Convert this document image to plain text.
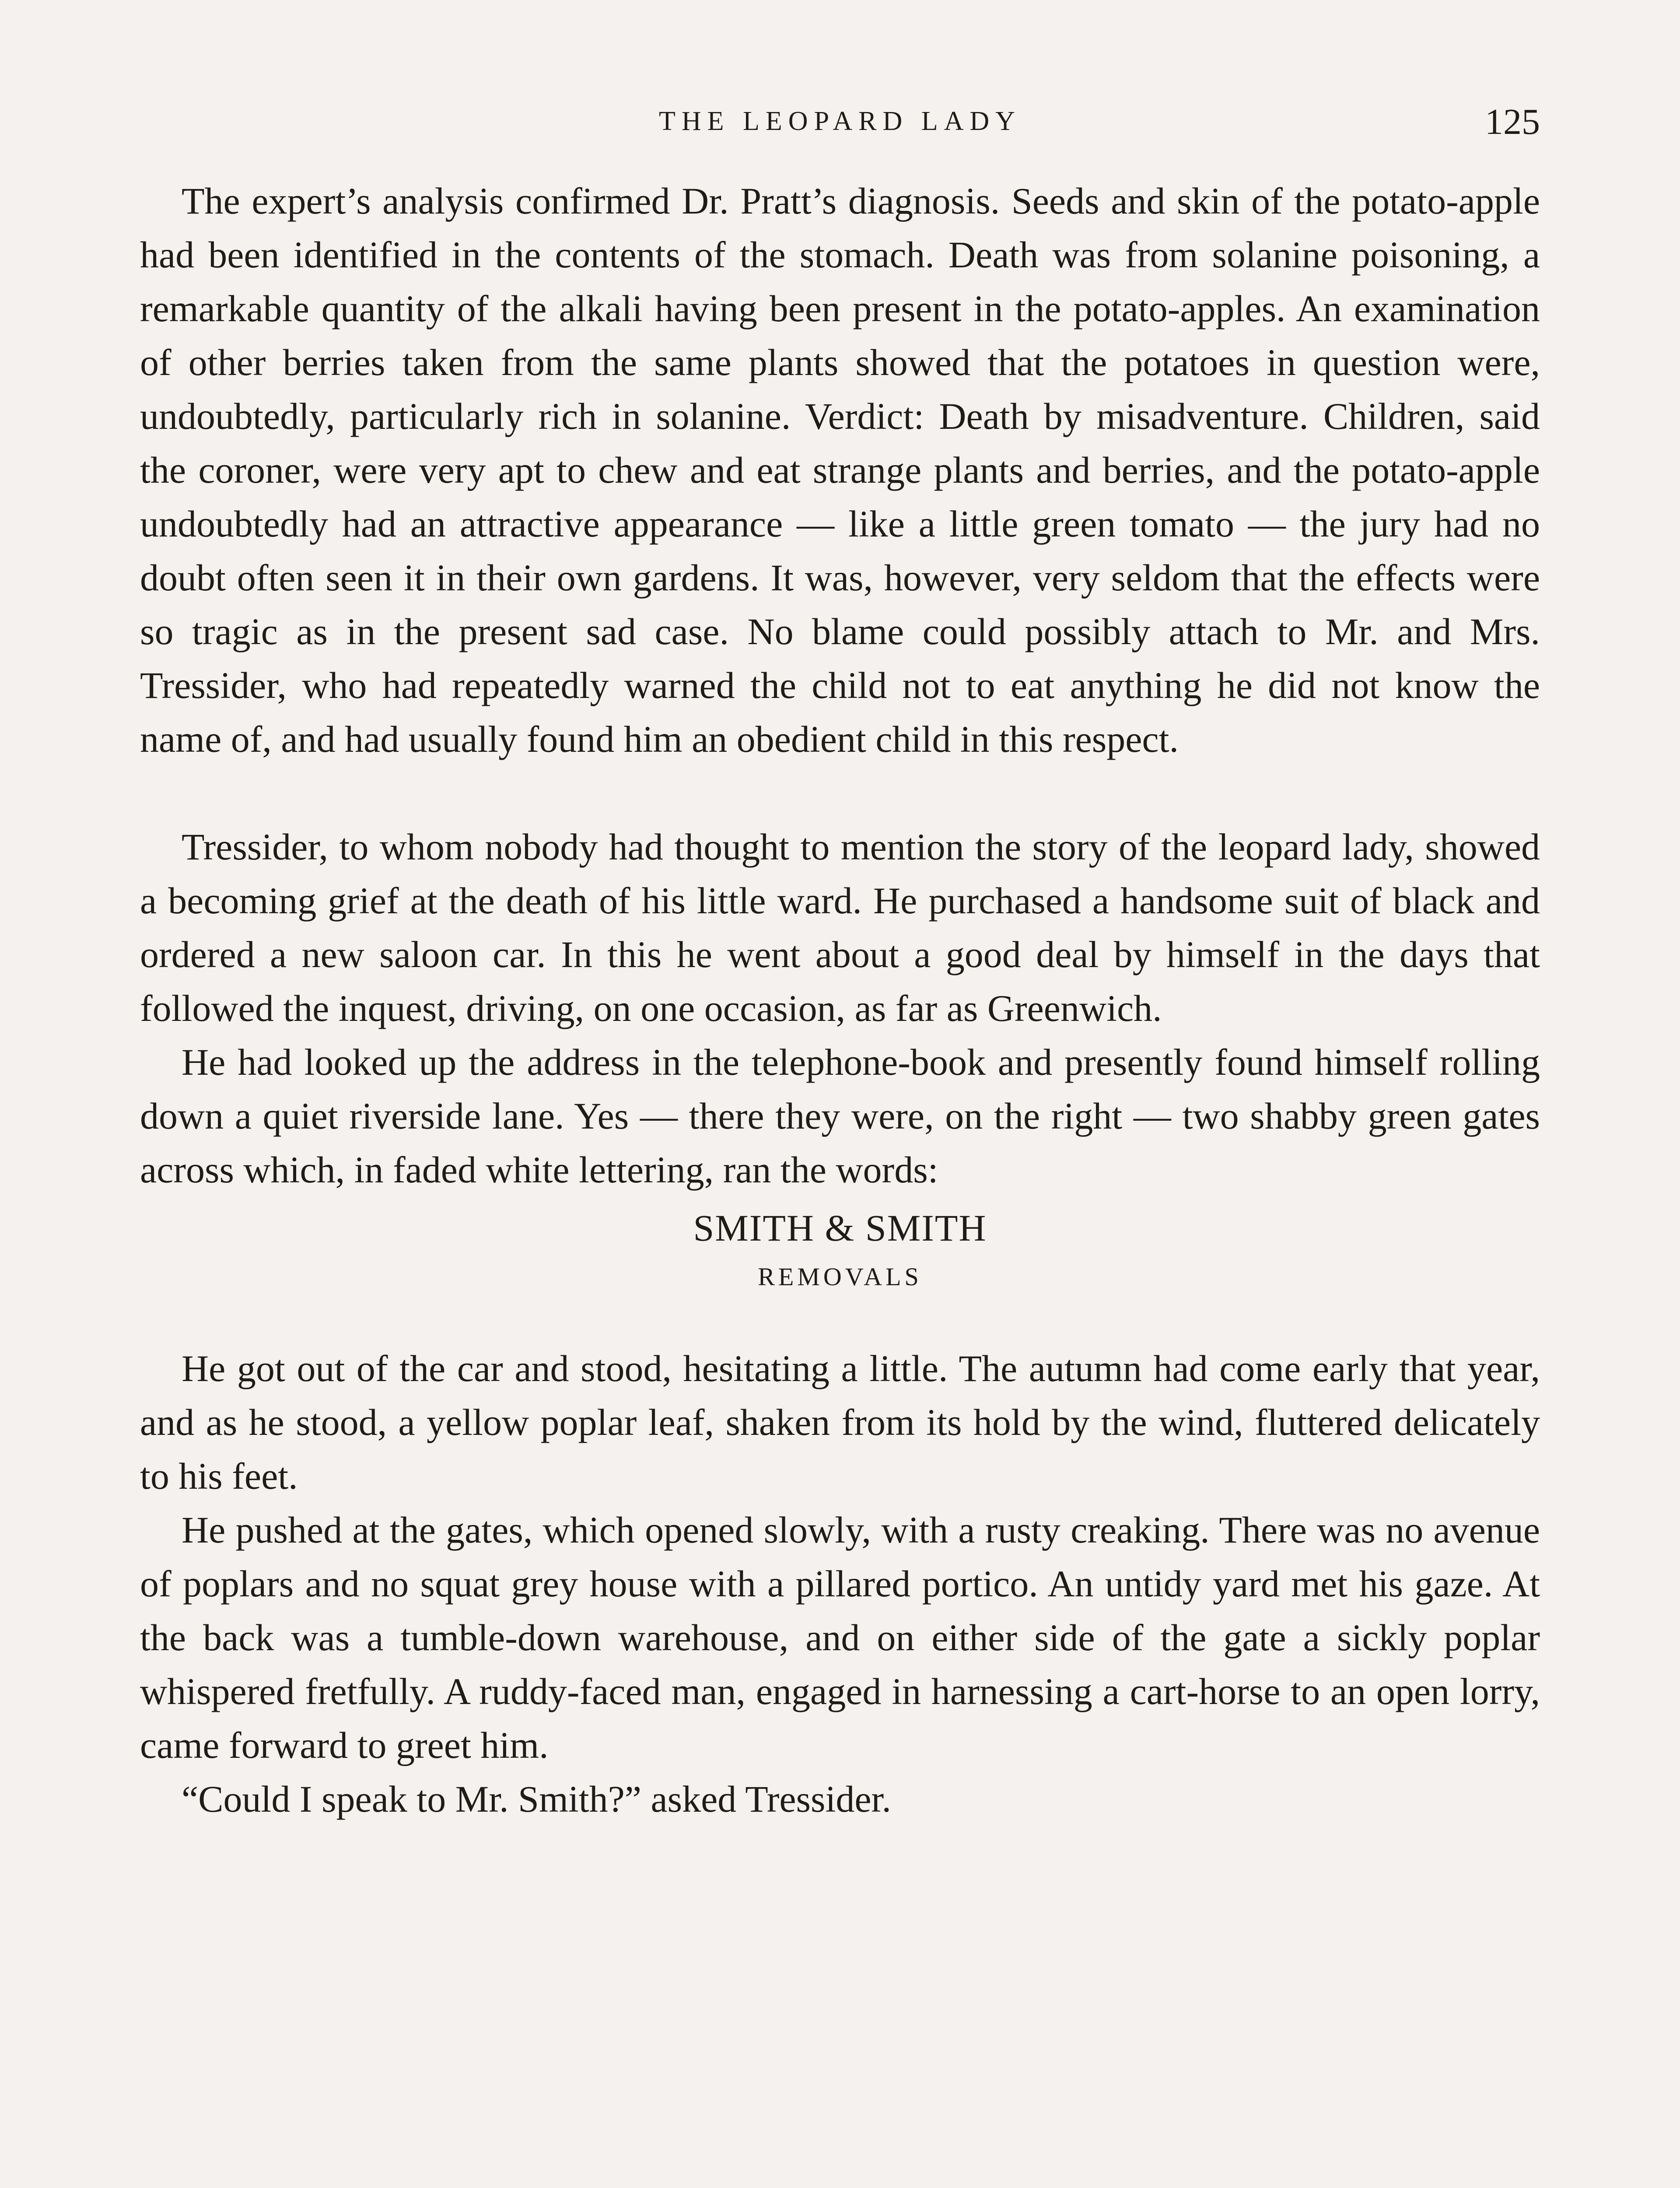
THE LEOPARD LADY	125

The expert’s analysis confirmed Dr. Pratt’s diagnosis. Seeds and skin of the potato-apple had been identified in the contents of the stomach. Death was from solanine poisoning, a remarkable quantity of the alkali having been present in the potato-apples. An examination of other berries taken from the same plants showed that the potatoes in question were, undoubtedly, particularly rich in solanine. Verdict: Death by misadventure. Children, said the coroner, were very apt to chew and eat strange plants and berries, and the potato-apple undoubtedly had an attractive appearance — like a little green tomato — the jury had no doubt often seen it in their own gardens. It was, however, very seldom that the effects were so tragic as in the present sad case. No blame could possibly attach to Mr. and Mrs. Tressider, who had repeatedly warned the child not to eat anything he did not know the name of, and had usually found him an obedient child in this respect.

Tressider, to whom nobody had thought to mention the story of the leopard lady, showed a becoming grief at the death of his little ward. He purchased a handsome suit of black and ordered a new saloon car. In this he went about a good deal by himself in the days that followed the inquest, driving, on one occasion, as far as Greenwich.

He had looked up the address in the telephone-book and presently found himself rolling down a quiet riverside lane. Yes — there they were, on the right — two shabby green gates across which, in faded white lettering, ran the words:

SMITH & SMITH
REMOVALS

He got out of the car and stood, hesitating a little. The autumn had come early that year, and as he stood, a yellow poplar leaf, shaken from its hold by the wind, fluttered delicately to his feet.

He pushed at the gates, which opened slowly, with a rusty creaking. There was no avenue of poplars and no squat grey house with a pillared portico. An untidy yard met his gaze. At the back was a tumble-down warehouse, and on either side of the gate a sickly poplar whispered fretfully. A ruddy-faced man, engaged in harnessing a cart-horse to an open lorry, came forward to greet him.

“Could I speak to Mr. Smith?” asked Tressider.
